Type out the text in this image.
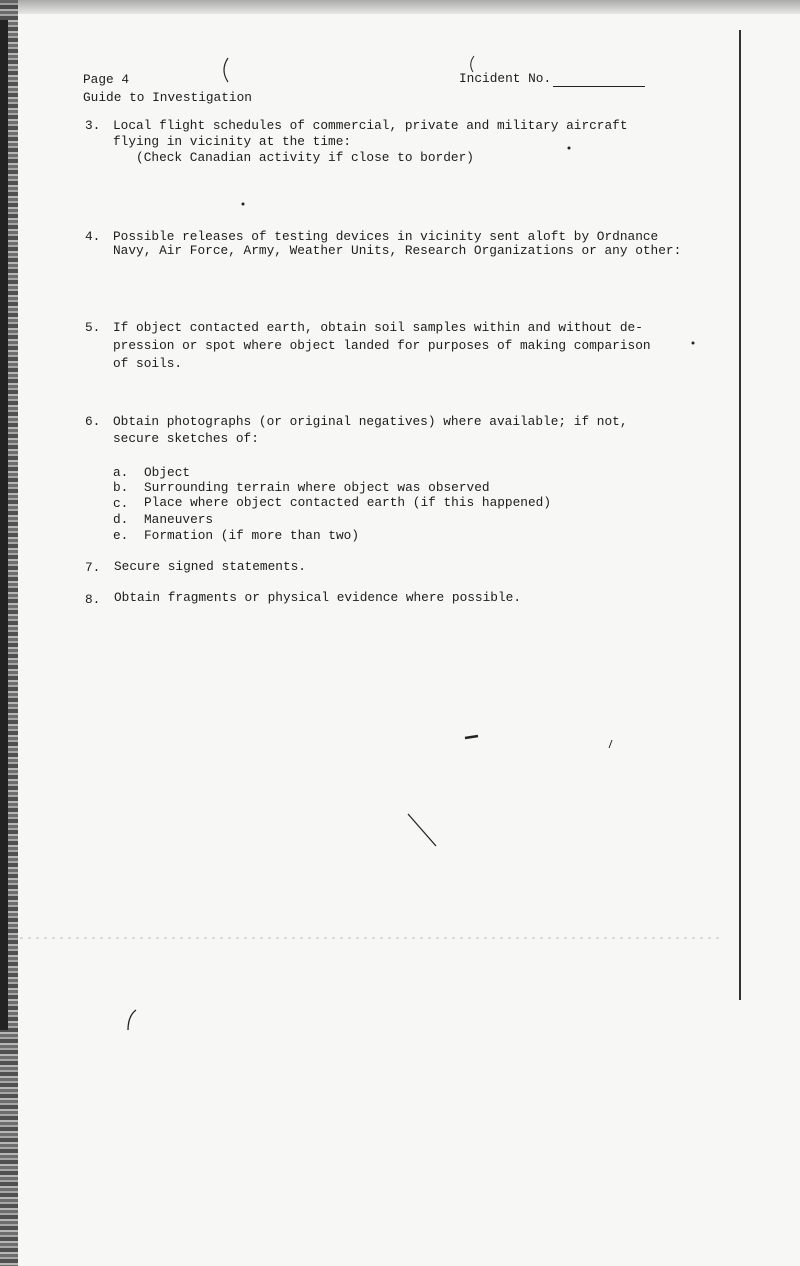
Page 4
Guide to Investigation
Incident No.
3. Local flight schedules of commercial, private and military aircraft
flying in vicinity at the time:
(Check Canadian activity if close to border)
4. Possible releases of testing devices in vicinity sent aloft by Ordnance
Navy, Air Force, Army, Weather Units, Research Organizations or any other:
5. If object contacted earth, obtain soil samples within and without de-
pression or spot where object landed for purposes of making comparison
of soils.
6. Obtain photographs (or original negatives) where available; if not,
secure sketches of:
a. Object
b. Surrounding terrain where object was observed
c. Place where object contacted earth (if this happened)
d. Maneuvers
e. Formation (if more than two)
7. Secure signed statements.
8. Obtain fragments or physical evidence where possible.
